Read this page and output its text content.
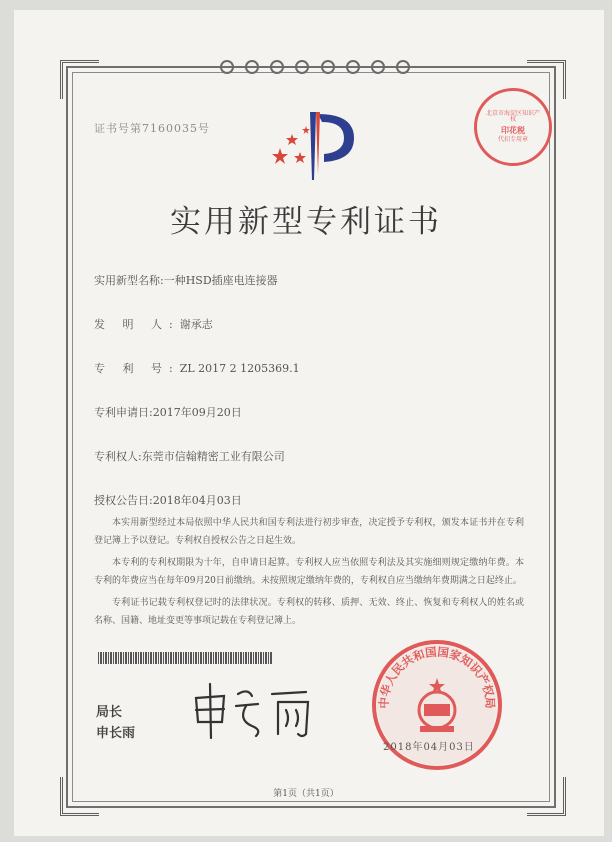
证书号第7160035号
北京市海淀区知识产权
印花税
代扣专用章
实用新型专利证书
实用新型名称:一种HSD插座电连接器
发 明 人:谢承志
专 利 号:ZL 2017 2 1205369.1
专利申请日:2017年09月20日
专利权人:东莞市信翰精密工业有限公司
授权公告日:2018年04月03日

本实用新型经过本局依照中华人民共和国专利法进行初步审查，决定授予专利权，颁发本证书并在专利登记簿上予以登记。专利权自授权公告之日起生效。

本专利的专利权期限为十年，自申请日起算。专利权人应当依照专利法及其实施细则规定缴纳年费。本专利的年费应当在每年09月20日前缴纳。未按照规定缴纳年费的，专利权自应当缴纳年费期满之日起终止。

专利证书记载专利权登记时的法律状况。专利权的转移、质押、无效、终止、恢复和专利权人的姓名或名称、国籍、地址变更等事项记载在专利登记簿上。

局长
申长雨
中华人民共和国国家知识产权局
2018年04月03日
第1页（共1页）
